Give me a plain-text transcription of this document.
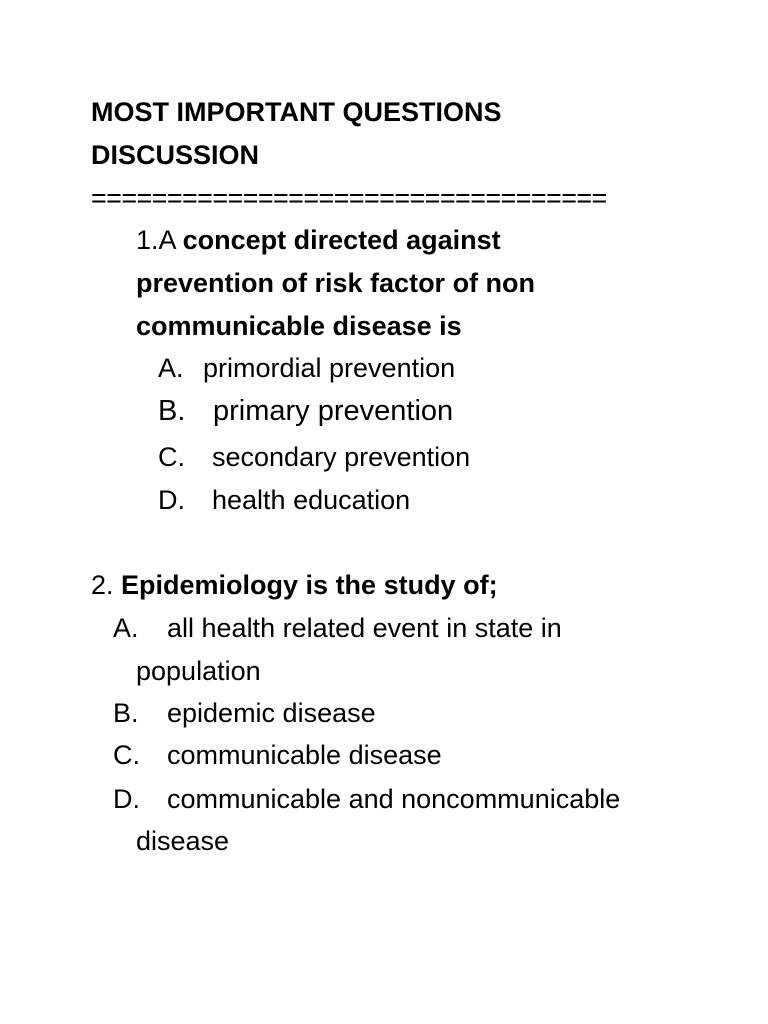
MOST IMPORTANT QUESTIONS
DISCUSSION
==================================
1.A concept directed against
prevention of risk factor of non
communicable disease is
A. primordial prevention
B. primary prevention
C. secondary prevention
D. health education
2. Epidemiology is the study of;
A. all health related event in state in
population
B. epidemic disease
C. communicable disease
D. communicable and noncommunicable
disease
